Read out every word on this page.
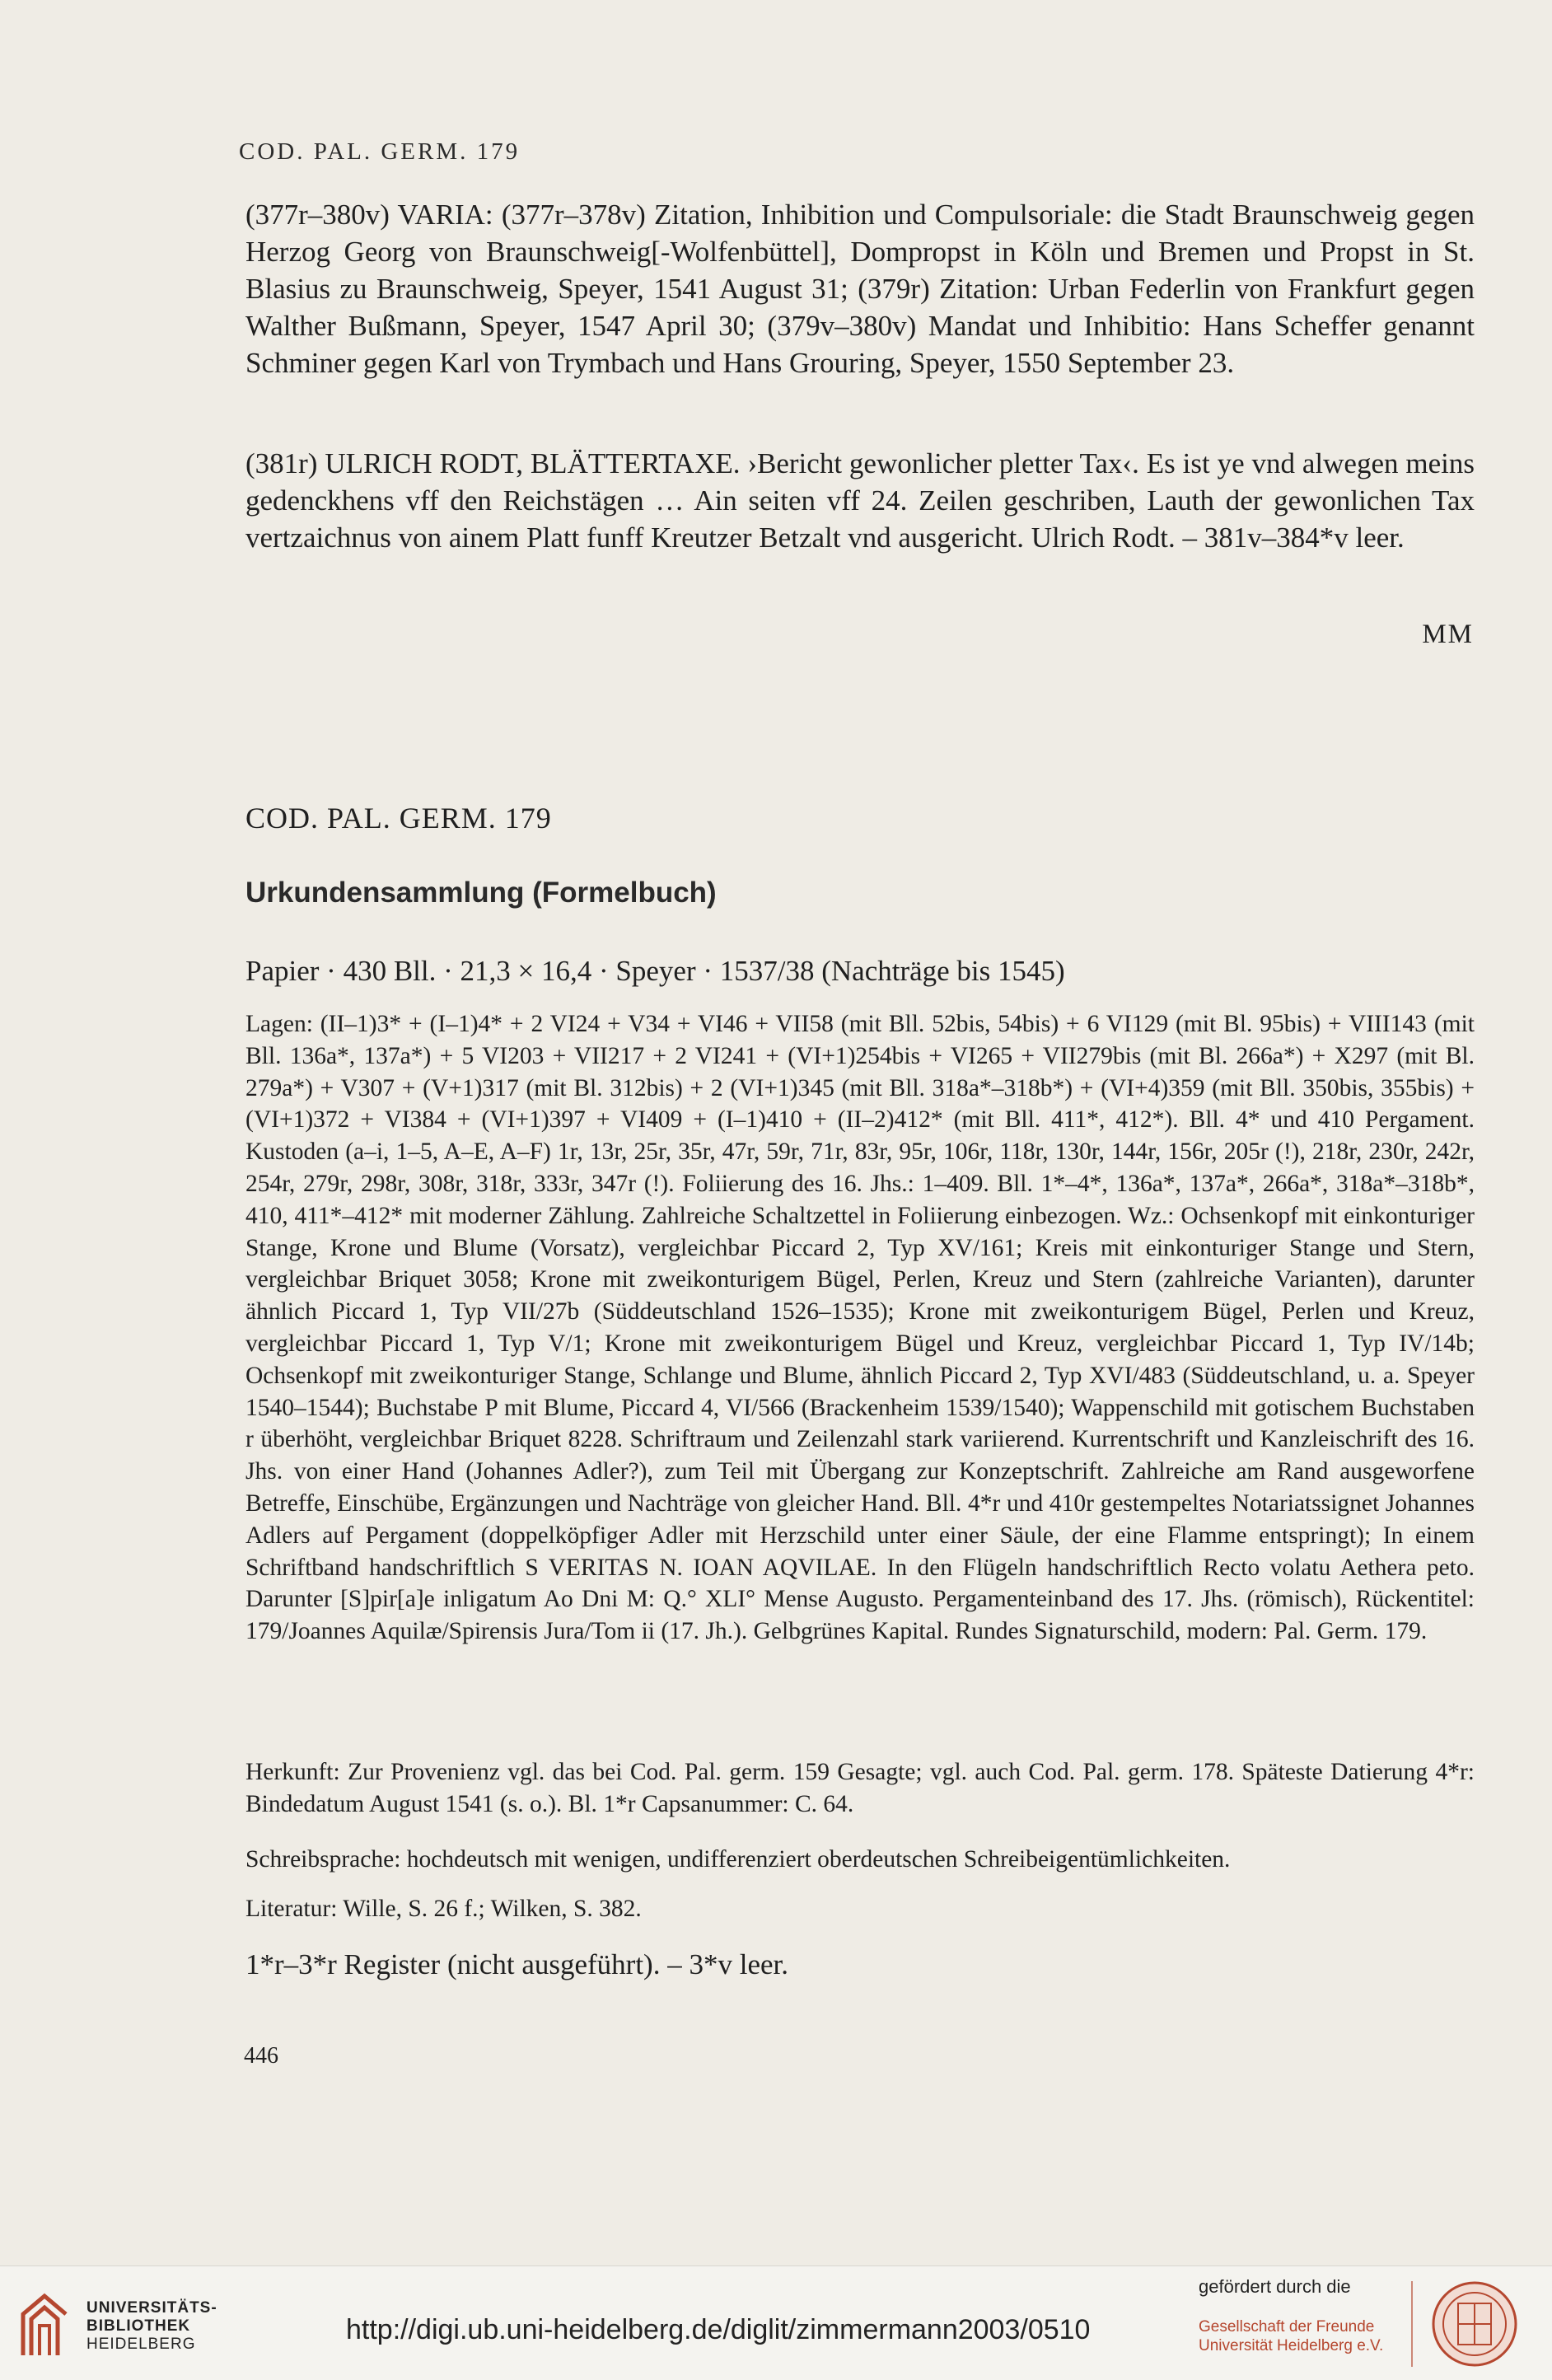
COD. PAL. GERM. 179

(377r–380v) VARIA: (377r–378v) Zitation, Inhibition und Compulsoriale: die Stadt Braunschweig gegen Herzog Georg von Braunschweig[-Wolfenbüttel], Dompropst in Köln und Bremen und Propst in St. Blasius zu Braunschweig, Speyer, 1541 August 31; (379r) Zitation: Urban Federlin von Frankfurt gegen Walther Bußmann, Speyer, 1547 April 30; (379v–380v) Mandat und Inhibitio: Hans Scheffer genannt Schminer gegen Karl von Trymbach und Hans Grouring, Speyer, 1550 September 23.

(381r) ULRICH RODT, BLÄTTERTAXE. ›Bericht gewonlicher pletter Tax‹. Es ist ye vnd alwegen meins gedenckhens vff den Reichstägen … Ain seiten vff 24. Zeilen geschriben, Lauth der gewonlichen Tax vertzaichnus von ainem Platt funff Kreutzer Betzalt vnd ausgericht. Ulrich Rodt. – 381v–384*v leer.

MM
COD. PAL. GERM. 179
Urkundensammlung (Formelbuch)

Papier · 430 Bll. · 21,3 × 16,4 · Speyer · 1537/38 (Nachträge bis 1545)

Lagen: (II–1)3* + (I–1)4* + 2 VI24 + V34 + VI46 + VII58 (mit Bll. 52bis, 54bis) + 6 VI129 (mit Bl. 95bis) + VIII143 (mit Bll. 136a*, 137a*) + 5 VI203 + VII217 + 2 VI241 + (VI+1)254bis + VI265 + VII279bis (mit Bl. 266a*) + X297 (mit Bl. 279a*) + V307 + (V+1)317 (mit Bl. 312bis) + 2 (VI+1)345 (mit Bll. 318a*–318b*) + (VI+4)359 (mit Bll. 350bis, 355bis) + (VI+1)372 + VI384 + (VI+1)397 + VI409 + (I–1)410 + (II–2)412* (mit Bll. 411*, 412*). Bll. 4* und 410 Pergament. Kustoden (a–i, 1–5, A–E, A–F) 1r, 13r, 25r, 35r, 47r, 59r, 71r, 83r, 95r, 106r, 118r, 130r, 144r, 156r, 205r (!), 218r, 230r, 242r, 254r, 279r, 298r, 308r, 318r, 333r, 347r (!). Foliierung des 16. Jhs.: 1–409. Bll. 1*–4*, 136a*, 137a*, 266a*, 318a*–318b*, 410, 411*–412* mit moderner Zählung. Zahlreiche Schaltzettel in Foliierung einbezogen. Wz.: Ochsenkopf mit einkonturiger Stange, Krone und Blume (Vorsatz), vergleichbar Piccard 2, Typ XV/161; Kreis mit einkonturiger Stange und Stern, vergleichbar Briquet 3058; Krone mit zweikonturigem Bügel, Perlen, Kreuz und Stern (zahlreiche Varianten), darunter ähnlich Piccard 1, Typ VII/27b (Süddeutschland 1526–1535); Krone mit zweikonturigem Bügel, Perlen und Kreuz, vergleichbar Piccard 1, Typ V/1; Krone mit zweikonturigem Bügel und Kreuz, vergleichbar Piccard 1, Typ IV/14b; Ochsenkopf mit zweikonturiger Stange, Schlange und Blume, ähnlich Piccard 2, Typ XVI/483 (Süddeutschland, u. a. Speyer 1540–1544); Buchstabe P mit Blume, Piccard 4, VI/566 (Brackenheim 1539/1540); Wappenschild mit gotischem Buchstaben r überhöht, vergleichbar Briquet 8228. Schriftraum und Zeilenzahl stark variierend. Kurrentschrift und Kanzleischrift des 16. Jhs. von einer Hand (Johannes Adler?), zum Teil mit Übergang zur Konzeptschrift. Zahlreiche am Rand ausgeworfene Betreffe, Einschübe, Ergänzungen und Nachträge von gleicher Hand. Bll. 4*r und 410r gestempeltes Notariatssignet Johannes Adlers auf Pergament (doppelköpfiger Adler mit Herzschild unter einer Säule, der eine Flamme entspringt); In einem Schriftband handschriftlich S VERITAS N. IOAN AQVILAE. In den Flügeln handschriftlich Recto volatu Aethera peto. Darunter [S]pir[a]e inligatum Ao Dni M: Q.° XLI° Mense Augusto. Pergamenteinband des 17. Jhs. (römisch), Rückentitel: 179/Joannes Aquilæ/Spirensis Jura/Tom ii (17. Jh.). Gelbgrünes Kapital. Rundes Signaturschild, modern: Pal. Germ. 179.

Herkunft: Zur Provenienz vgl. das bei Cod. Pal. germ. 159 Gesagte; vgl. auch Cod. Pal. germ. 178. Späteste Datierung 4*r: Bindedatum August 1541 (s. o.). Bl. 1*r Capsanummer: C. 64.

Schreibsprache: hochdeutsch mit wenigen, undifferenziert oberdeutschen Schreibeigentümlichkeiten.

Literatur: Wille, S. 26 f.; Wilken, S. 382.

1*r–3*r Register (nicht ausgeführt). – 3*v leer.

446
UNIVERSITÄTS-
BIBLIOTHEK
HEIDELBERG	http://digi.ub.uni-heidelberg.de/diglit/zimmermann2003/0510
gefördert durch die
Gesellschaft der Freunde
Universität Heidelberg e.V.
